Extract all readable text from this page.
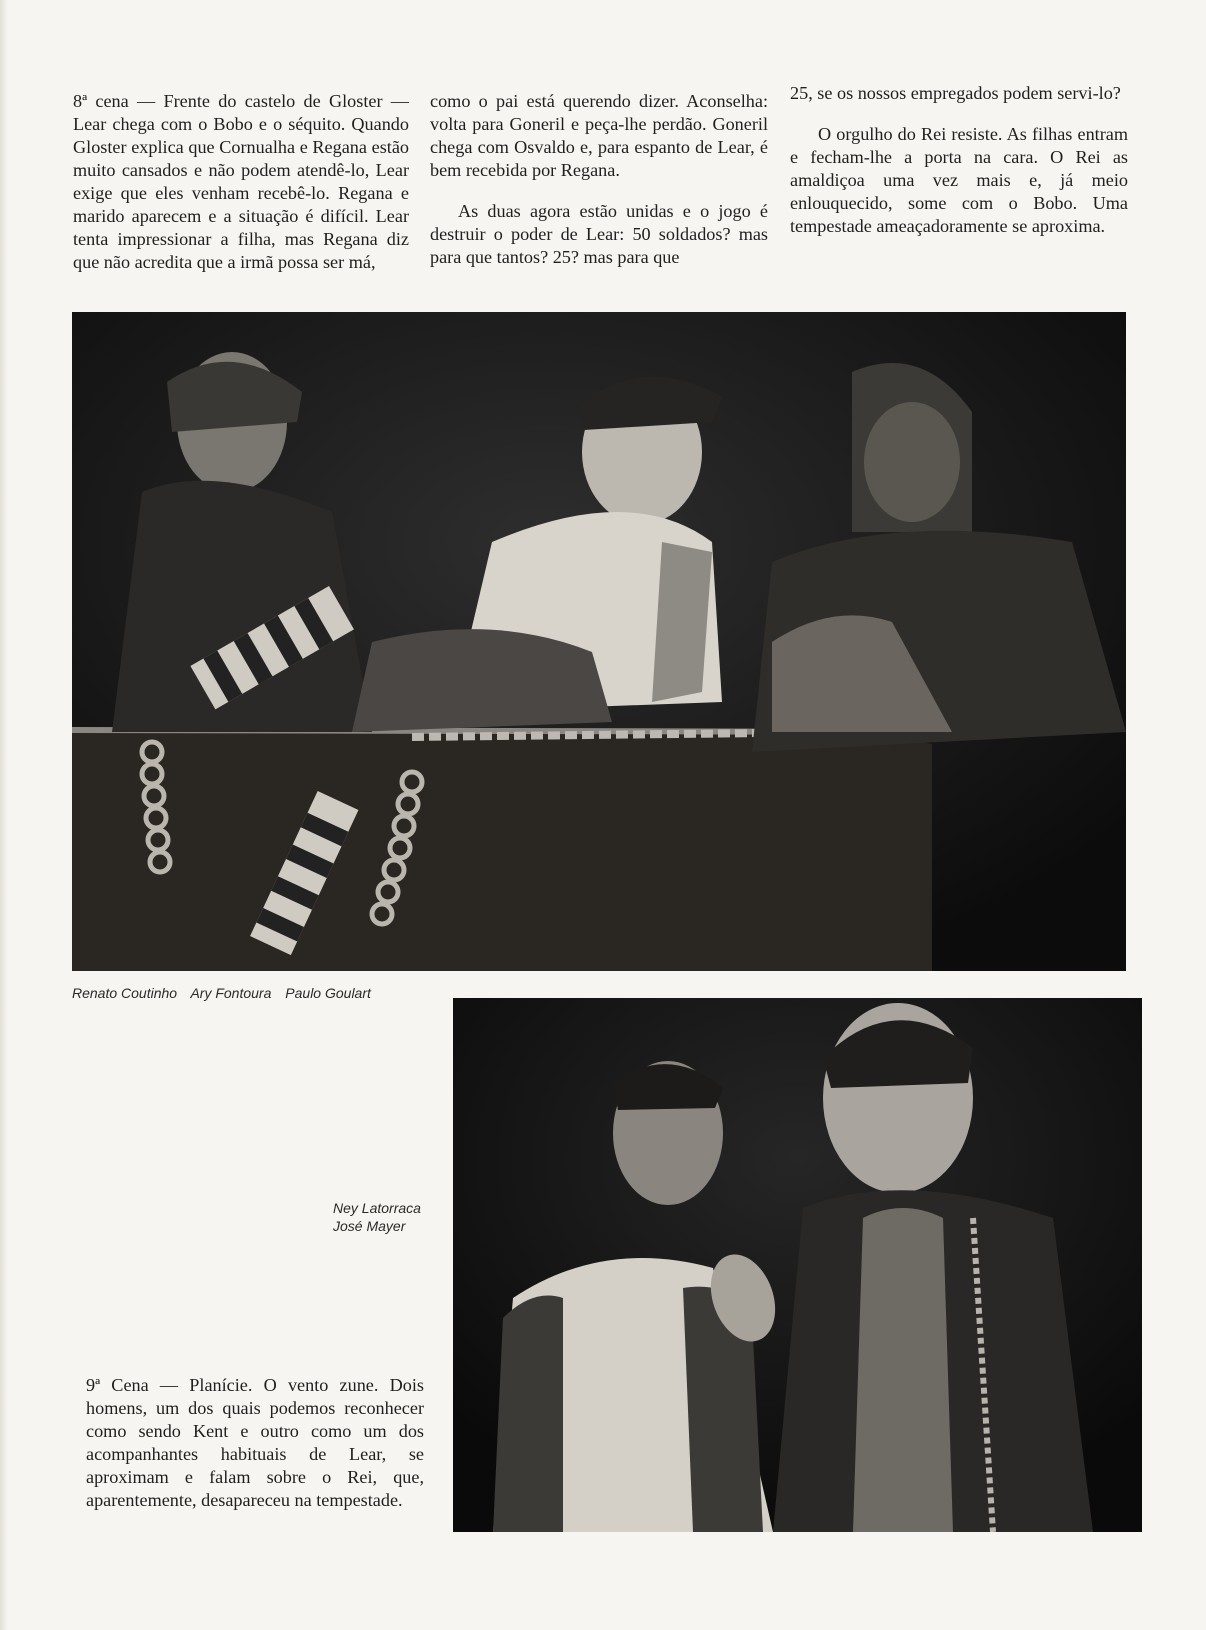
8ª cena — Frente do castelo de Gloster — Lear chega com o Bobo e o séquito. Quando Gloster explica que Cornualha e Regana estão muito cansados e não podem atendê-lo, Lear exige que eles venham recebê-lo. Regana e marido aparecem e a situação é difícil. Lear tenta impressionar a filha, mas Regana diz que não acredita que a irmã possa ser má,

como o pai está querendo dizer. Aconselha: volta para Goneril e peça-lhe perdão. Goneril chega com Osvaldo e, para espanto de Lear, é bem recebida por Regana.

As duas agora estão unidas e o jogo é destruir o poder de Lear: 50 soldados? mas para que tantos? 25? mas para que

25, se os nossos empregados podem servi-lo?

O orgulho do Rei resiste. As filhas entram e fecham-lhe a porta na cara. O Rei as amaldiçoa uma vez mais e, já meio enlouquecido, some com o Bobo. Uma tempestade ameaçadoramente se aproxima.

Renato Coutinho Ary Fontoura Paulo Goulart
Ney Latorraca
José Mayer

9ª Cena — Planície. O vento zune. Dois homens, um dos quais podemos reconhecer como sendo Kent e outro como um dos acompanhantes habituais de Lear, se aproximam e falam sobre o Rei, que, aparentemente, desapareceu na tempestade.
